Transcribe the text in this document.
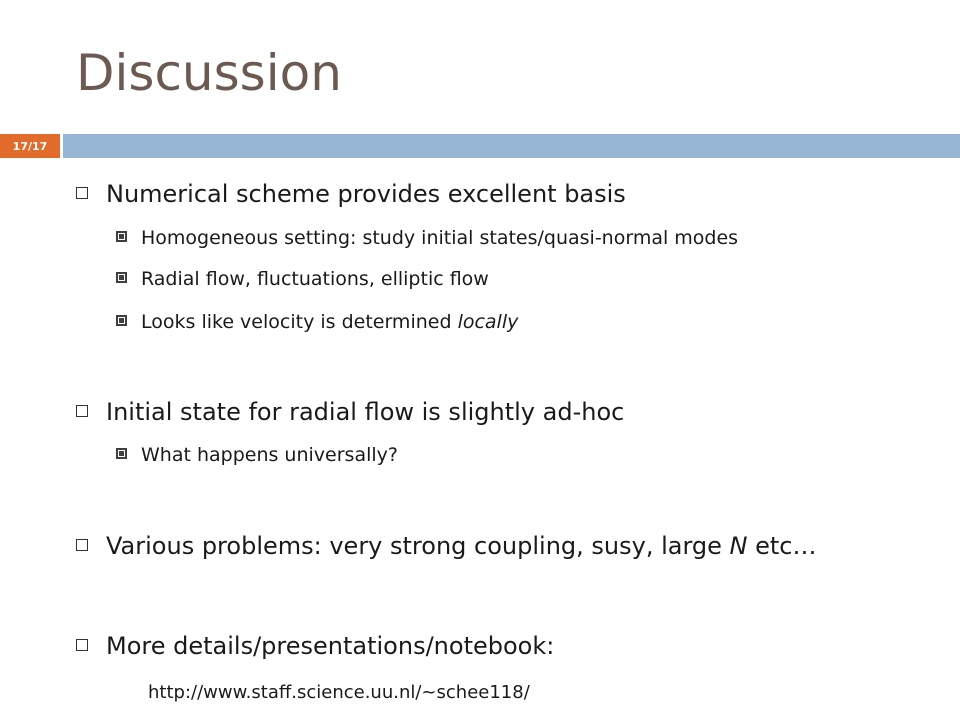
Discussion
17/17
Numerical scheme provides excellent basis
Homogeneous setting: study initial states/quasi-normal modes
Radial flow, fluctuations, elliptic flow
Looks like velocity is determined locally
Initial state for radial flow is slightly ad-hoc
What happens universally?
Various problems: very strong coupling, susy, large N etc…
More details/presentations/notebook:
http://www.staff.science.uu.nl/~schee118/
